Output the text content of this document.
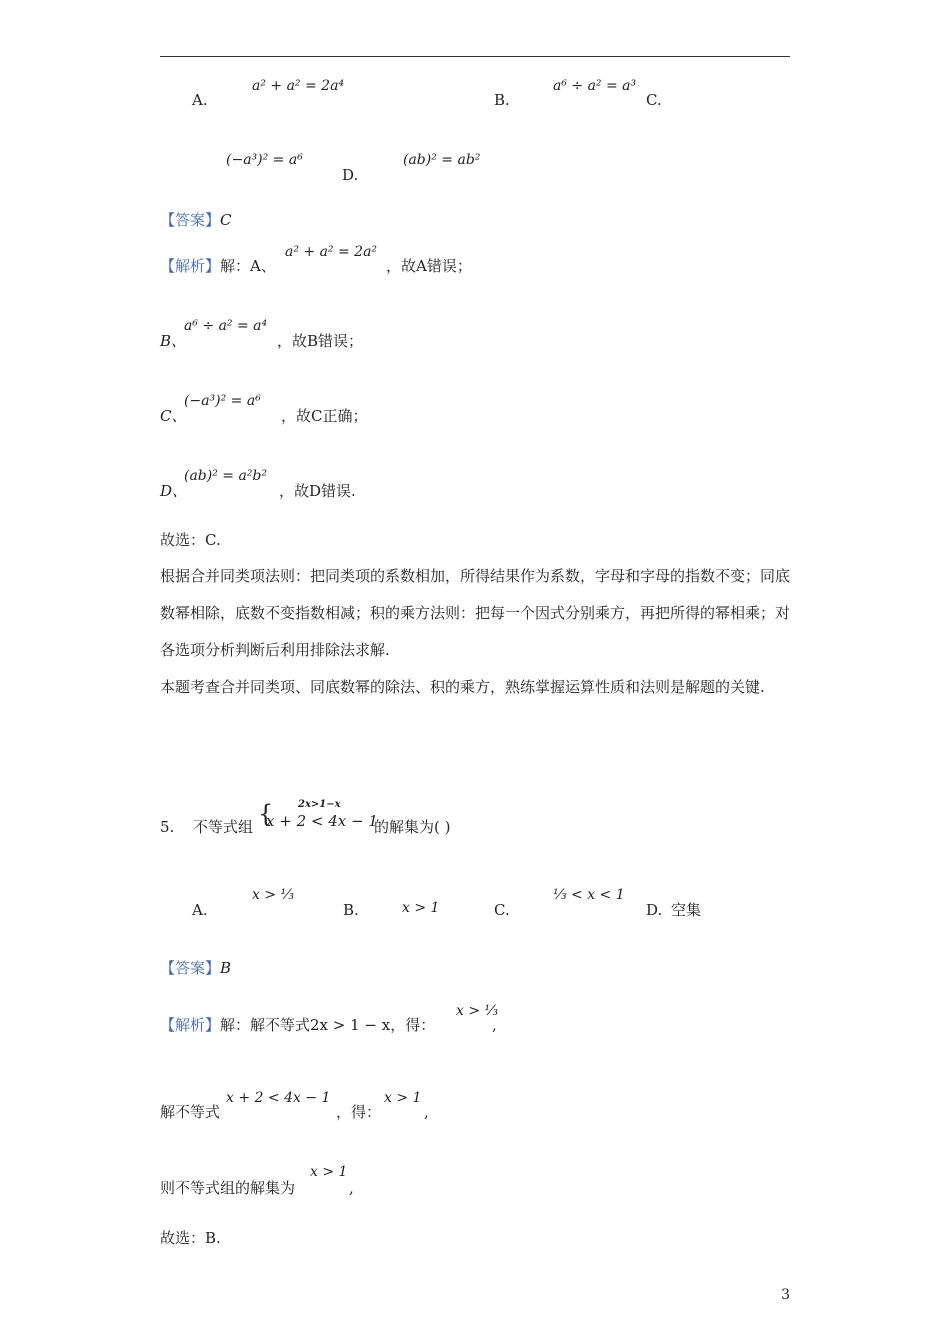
A.
a² + a² = 2a⁴
B.
a⁶ ÷ a² = a³
C.
(−a³)² = a⁶
D.
(ab)² = ab²
【答案】C
【解析】解：A、
a² + a² = 2a²
，故A错误；
B、
a⁶ ÷ a² = a⁴
，故B错误；
C、
(−a³)² = a⁶
，故C正确；
D、
(ab)² = a²b²
，故D错误.
故选：C.
根据合并同类项法则：把同类项的系数相加，所得结果作为系数，字母和字母的指数不变；同底数幂相除，底数不变指数相减；积的乘方法则：把每一个因式分别乘方，再把所得的幂相乘；对各选项分析判断后利用排除法求解.
本题考查合并同类项、同底数幂的除法、积的乘方，熟练掌握运算性质和法则是解题的关键.
5. 不等式组 { 2x>1−x
x + 2 < 4x − 1
的解集为( )
A.
x > ⅓
B.	x > 1	C.
⅓ < x < 1
D. 空集
【答案】B
【解析】解：解不等式2x > 1 − x，得：
x > ⅓
,
解不等式
x + 2 < 4x − 1
，得：
x > 1
,
则不等式组的解集为
x > 1
,
故选：B.
3
